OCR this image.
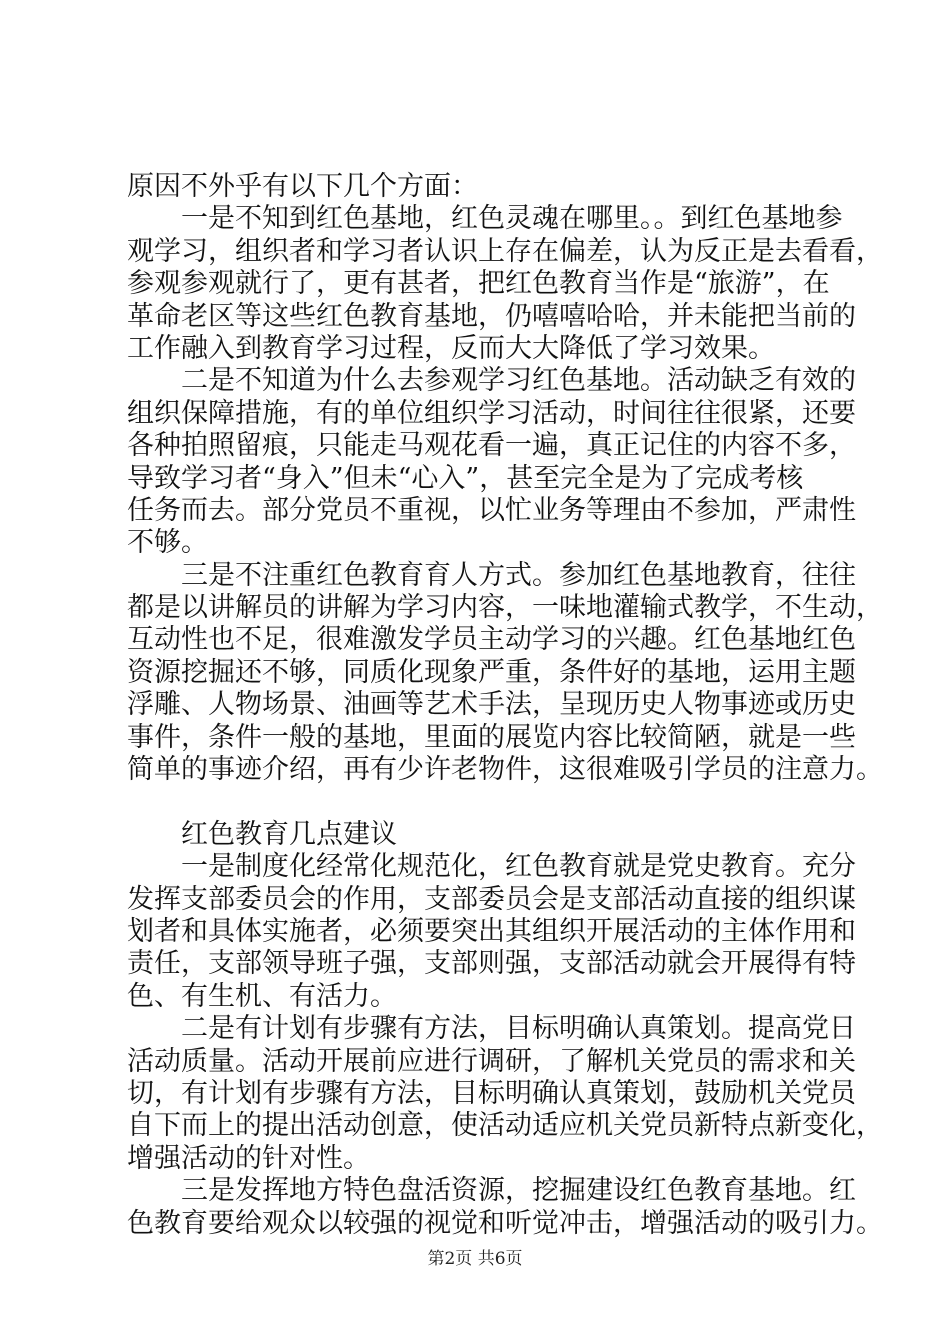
原因不外乎有以下几个方面：
一是不知到红色基地，红色灵魂在哪里。。到红色基地参
观学习，组织者和学习者认识上存在偏差，认为反正是去看看，
参观参观就行了，更有甚者，把红色教育当作是“旅游”，在
革命老区等这些红色教育基地，仍嘻嘻哈哈，并未能把当前的
工作融入到教育学习过程，反而大大降低了学习效果。
二是不知道为什么去参观学习红色基地。活动缺乏有效的
组织保障措施，有的单位组织学习活动，时间往往很紧，还要
各种拍照留痕，只能走马观花看一遍，真正记住的内容不多，
导致学习者“身入”但未“心入”，甚至完全是为了完成考核
任务而去。部分党员不重视，以忙业务等理由不参加，严肃性
不够。
三是不注重红色教育育人方式。参加红色基地教育，往往
都是以讲解员的讲解为学习内容，一味地灌输式教学，不生动，
互动性也不足，很难激发学员主动学习的兴趣。红色基地红色
资源挖掘还不够，同质化现象严重，条件好的基地，运用主题
浮雕、人物场景、油画等艺术手法，呈现历史人物事迹或历史
事件，条件一般的基地，里面的展览内容比较简陋，就是一些
简单的事迹介绍，再有少许老物件，这很难吸引学员的注意力。
红色教育几点建议
一是制度化经常化规范化，红色教育就是党史教育。充分
发挥支部委员会的作用，支部委员会是支部活动直接的组织谋
划者和具体实施者，必须要突出其组织开展活动的主体作用和
责任，支部领导班子强，支部则强，支部活动就会开展得有特
色、有生机、有活力。
二是有计划有步骤有方法，目标明确认真策划。提高党日
活动质量。活动开展前应进行调研，了解机关党员的需求和关
切，有计划有步骤有方法，目标明确认真策划，鼓励机关党员
自下而上的提出活动创意，使活动适应机关党员新特点新变化，
增强活动的针对性。
三是发挥地方特色盘活资源，挖掘建设红色教育基地。红
色教育要给观众以较强的视觉和听觉冲击，增强活动的吸引力。
第2页 共6页
